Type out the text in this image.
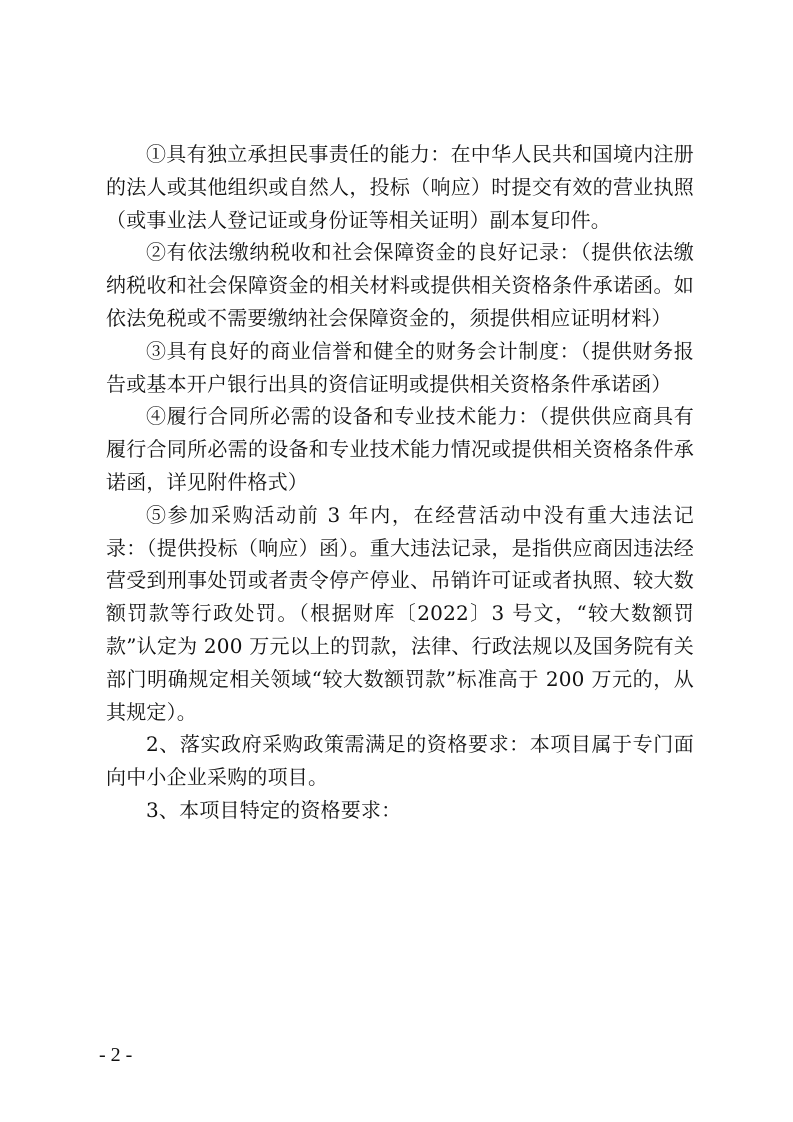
①具有独立承担民事责任的能力：在中华人民共和国境内注册的法人或其他组织或自然人，投标（响应）时提交有效的营业执照（或事业法人登记证或身份证等相关证明）副本复印件。

②有依法缴纳税收和社会保障资金的良好记录：（提供依法缴纳税收和社会保障资金的相关材料或提供相关资格条件承诺函。如依法免税或不需要缴纳社会保障资金的，须提供相应证明材料）

③具有良好的商业信誉和健全的财务会计制度：（提供财务报告或基本开户银行出具的资信证明或提供相关资格条件承诺函）

④履行合同所必需的设备和专业技术能力：（提供供应商具有履行合同所必需的设备和专业技术能力情况或提供相关资格条件承诺函，详见附件格式）

⑤参加采购活动前 3 年内，在经营活动中没有重大违法记录：（提供投标（响应）函）。重大违法记录，是指供应商因违法经营受到刑事处罚或者责令停产停业、吊销许可证或者执照、较大数额罚款等行政处罚。（根据财库〔2022〕3 号文，“较大数额罚款”认定为 200 万元以上的罚款，法律、行政法规以及国务院有关部门明确规定相关领域“较大数额罚款”标准高于 200 万元的，从其规定）。

2、落实政府采购政策需满足的资格要求：本项目属于专门面向中小企业采购的项目。

3、本项目特定的资格要求：

- 2 -
